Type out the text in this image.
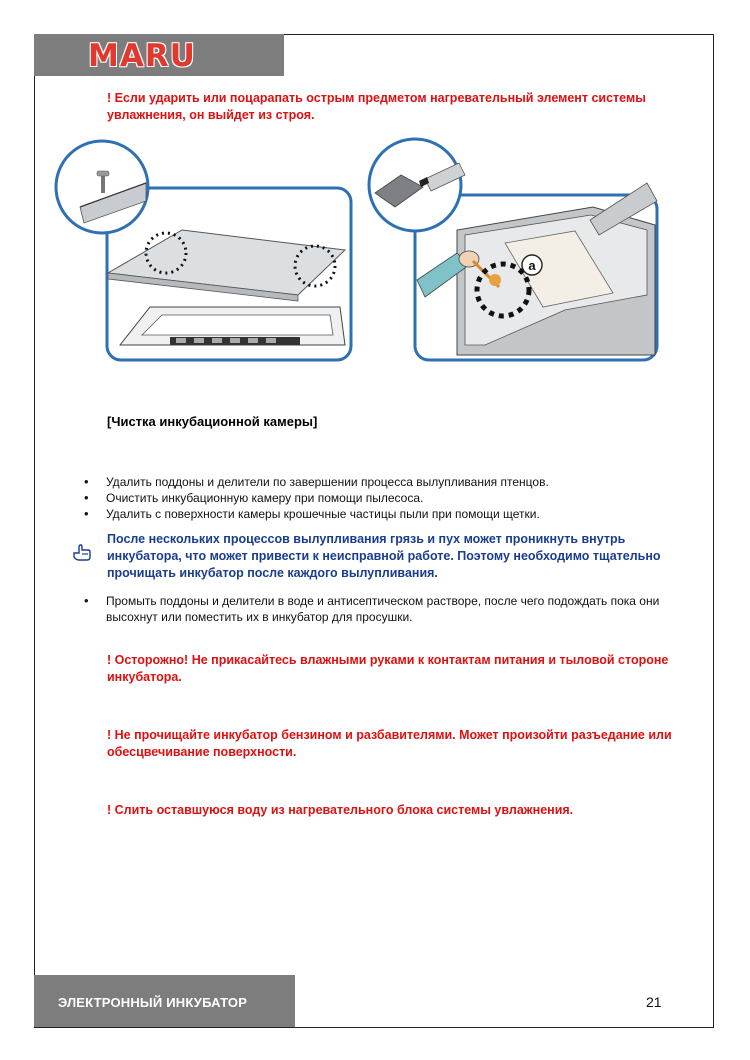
MARU

! Если ударить или поцарапать острым предметом нагревательный элемент системы увлажнения, он выйдет из строя.

a
[Чистка инкубационной камеры]
• Удалить поддоны и делители по завершении процесса вылупливания птенцов.
• Очистить инкубационную камеру при помощи пылесоса.
• Удалить с поверхности камеры крошечные частицы пыли при помощи щетки.

После нескольких процессов вылупливания грязь и пух может проникнуть внутрь инкубатора, что может привести к неисправной работе. Поэтому необходимо тщательно прочищать инкубатор после каждого вылупливания.

• Промыть поддоны и делители в воде и антисептическом растворе, после чего подождать пока они высохнут или поместить их в инкубатор для просушки.

! Осторожно! Не прикасайтесь влажными руками к контактам питания и тыловой стороне инкубатора.

! Не прочищайте инкубатор бензином и разбавителями. Может произойти разъедание или обесцвечивание поверхности.

! Слить оставшуюся воду из нагревательного блока системы увлажнения.

ЭЛЕКТРОННЫЙ ИНКУБАТОР	21
